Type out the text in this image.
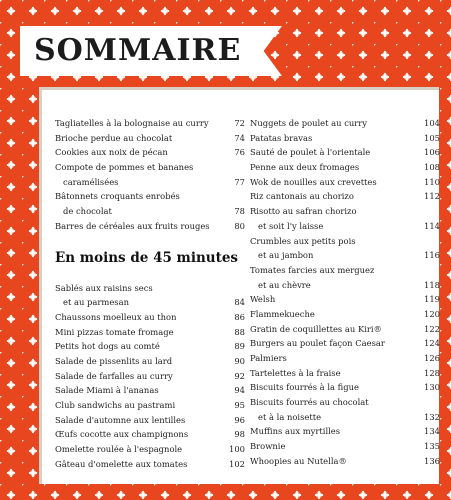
SOMMAIRE
Tagliatelles à la bolognaise au curry	72
Brioche perdue au chocolat	74
Cookies aux noix de pécan	76
Compote de pommes et bananes
caramélisées	77
Bâtonnets croquants enrobés
de chocolat	78
Barres de céréales aux fruits rouges	80
En moins de 45 minutes
Sablés aux raisins secs
et au parmesan	84
Chaussons moelleux au thon	86
Mini pizzas tomate fromage	88
Petits hot dogs au comté	89
Salade de pissenlits au lard	90
Salade de farfalles au curry	92
Salade Miami à l'ananas	94
Club sandwichs au pastrami	95
Salade d'automne aux lentilles	96
Œufs cocotte aux champignons	98
Omelette roulée à l'espagnole	100
Gâteau d'omelette aux tomates	102
Nuggets de poulet au curry	104
Patatas bravas	105
Sauté de poulet à l'orientale	106
Penne aux deux fromages	108
Wok de nouilles aux crevettes	110
Riz cantonais au chorizo	112
Risotto au safran chorizo
et soit l'y laisse	114
Crumbles aux petits pois
et au jambon	116
Tomates farcies aux merguez
et au chèvre	118
Welsh	119
Flammekueche	120
Gratin de coquillettes au Kiri®	122
Burgers au poulet façon Caesar	124
Palmiers	126
Tartelettes à la fraise	128
Biscuits fourrés à la figue	130
Biscuits fourrés au chocolat
et à la noisette	132
Muffins aux myrtilles	134
Brownie	135
Whoopies au Nutella®	136
